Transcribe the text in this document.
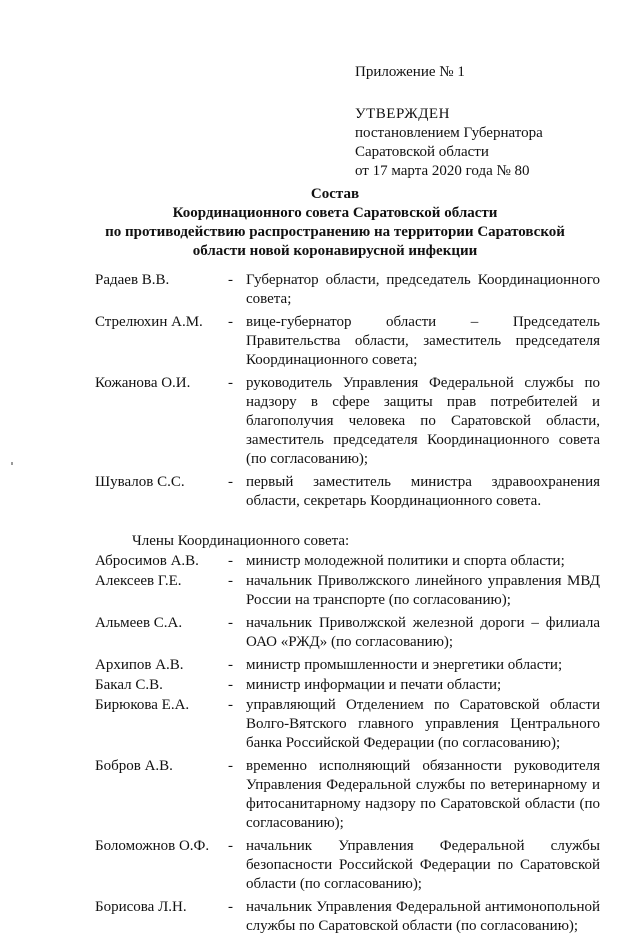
Приложение № 1
УТВЕРЖДЕН
постановлением Губернатора
Саратовской области
от 17 марта 2020 года № 80
Состав
Координационного совета Саратовской области
по противодействию распространению на территории Саратовской
области новой коронавирусной инфекции
Радаев В.В.	- Губернатор области, председатель Координационного совета;
Стрелюхин А.М.	- вице-губернатор области – Председатель Правительства области, заместитель председателя Координационного совета;
Кожанова О.И.	- руководитель Управления Федеральной службы по надзору в сфере защиты прав потребителей и благополучия человека по Саратовской области, заместитель председателя Координационного совета (по согласованию);
Шувалов С.С.	- первый заместитель министра здравоохранения области, секретарь Координационного совета.
Члены Координационного совета:
Абросимов А.В.	- министр молодежной политики и спорта области;
Алексеев Г.Е.	- начальник Приволжского линейного управления МВД России на транспорте (по согласованию);
Альмеев С.А.	- начальник Приволжской железной дороги – филиала ОАО «РЖД» (по согласованию);
Архипов А.В.	- министр промышленности и энергетики области;
Бакал С.В.	- министр информации и печати области;
Бирюкова Е.А.	- управляющий Отделением по Саратовской области Волго-Вятского главного управления Центрального банка Российской Федерации (по согласованию);
Бобров А.В.	- временно исполняющий обязанности руководителя Управления Федеральной службы по ветеринарному и фитосанитарному надзору по Саратовской области (по согласованию);
Боломожнов О.Ф.	- начальник Управления Федеральной службы безопасности Российской Федерации по Саратовской области (по согласованию);
Борисова Л.Н.	- начальник Управления Федеральной антимонопольной службы по Саратовской области (по согласованию);
